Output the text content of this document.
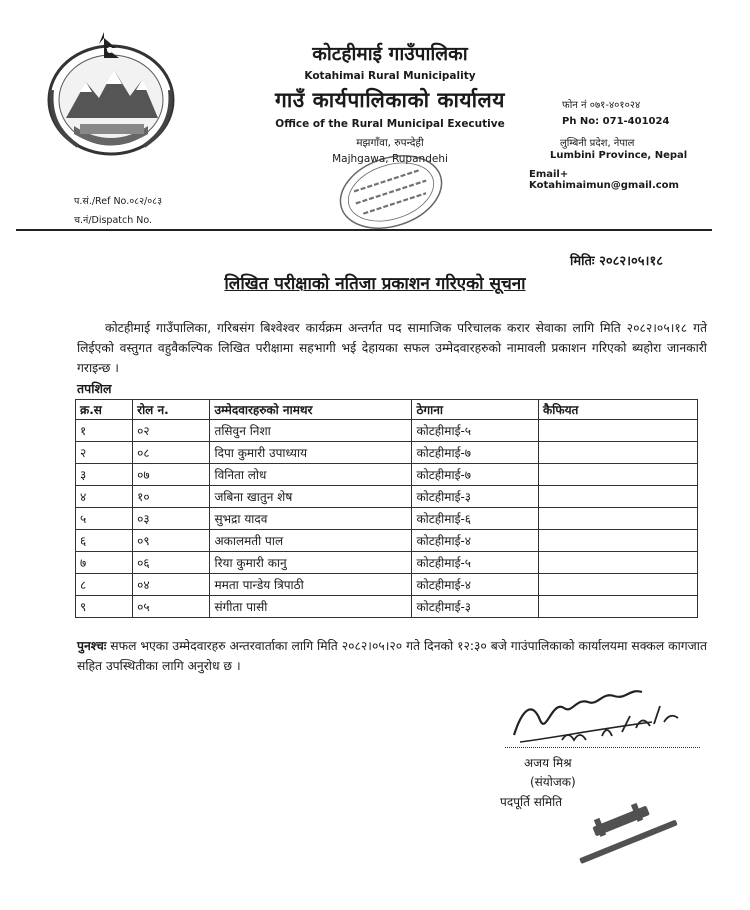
कोटहीमाई गाउँपालिका
Kotahimai Rural Municipality
गाउँ कार्यपालिकाको कार्यालय
Office of the Rural Municipal Executive
मझगाँवा, रुपन्देही
Majhgawa, Rupandehi
फोन नं ०७१-४०१०२४
Ph No: 071-401024
लुम्बिनी प्रदेश, नेपाल
Lumbini Province, Nepal
Email+ Kotahimaimun@gmail.com
प.सं./Ref No.०८२/०८३
च.नं/Dispatch No.
मितिः २०८२।०५।१८
लिखित परीक्षाको नतिजा प्रकाशन गरिएको सूचना
कोटहीमाई गाउँपालिका, गरिबसंग बिश्वेश्वर कार्यक्रम अन्तर्गत पद सामाजिक परिचालक करार सेवाका लागि मिति २०८२।०५।१८ गते लिईएको वस्तुगत वहुवैकल्पिक लिखित परीक्षामा सहभागी भई देहायका सफल उम्मेदवारहरुको नामावली प्रकाशन गरिएको ब्यहोरा जानकारी गराइन्छ ।
तपशिल
क्र.स	रोल न.	उम्मेदवारहरुको नामथर	ठेगाना	कैफियत
१	०२	तसिवुन निशा	कोटहीमाई-५	
२	०८	दिपा कुमारी उपाध्याय	कोटहीमाई-७	
३	०७	विनिता लोध	कोटहीमाई-७	
४	१०	जबिना खातुन शेष	कोटहीमाई-३	
५	०३	सुभद्रा यादव	कोटहीमाई-६	
६	०९	अकालमती पाल	कोटहीमाई-४	
७	०६	रिया कुमारी कानु	कोटहीमाई-५	
८	०४	ममता पान्डेय त्रिपाठी	कोटहीमाई-४	
९	०५	संगीता पासी	कोटहीमाई-३	
पुनश्चः सफल भएका उम्मेदवारहरु अन्तरवार्ताका लागि मिति २०८२।०५।२० गते दिनको १२:३० बजे गाउंपालिकाको कार्यालयमा सक्कल कागजात सहित उपस्थितीका लागि अनुरोध छ ।
अजय मिश्र
(संयोजक)
पदपूर्ति समिति
